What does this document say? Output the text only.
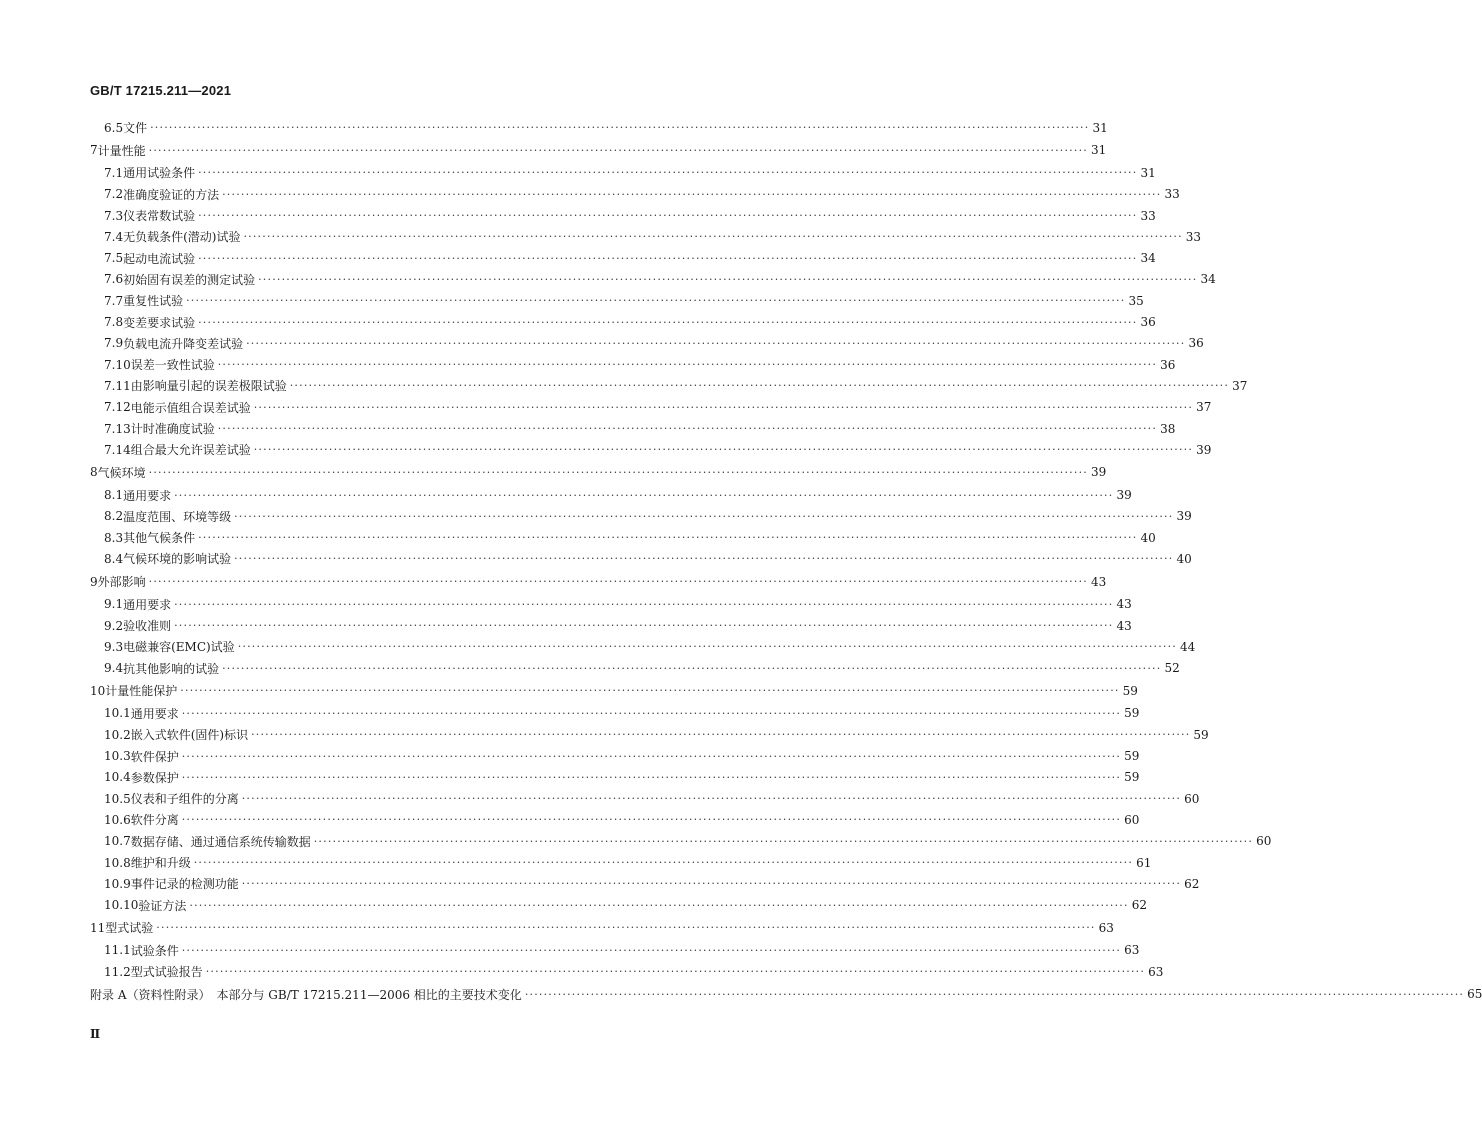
GB/T 17215.211—2021
6.5 文件 ········································································································································································································ 31
7 计量性能 ········································································································································································································ 31
7.1 通用试验条件 ········································································································································································································ 31
7.2 准确度验证的方法 ········································································································································································································ 33
7.3 仪表常数试验 ········································································································································································································ 33
7.4 无负载条件(潜动)试验 ········································································································································································································ 33
7.5 起动电流试验 ········································································································································································································ 34
7.6 初始固有误差的测定试验 ········································································································································································································ 34
7.7 重复性试验 ········································································································································································································ 35
7.8 变差要求试验 ········································································································································································································ 36
7.9 负载电流升降变差试验 ········································································································································································································ 36
7.10 误差一致性试验 ········································································································································································································ 36
7.11 由影响量引起的误差极限试验 ········································································································································································································ 37
7.12 电能示值组合误差试验 ········································································································································································································ 37
7.13 计时准确度试验 ········································································································································································································ 38
7.14 组合最大允许误差试验 ········································································································································································································ 39
8 气候环境 ········································································································································································································ 39
8.1 通用要求 ········································································································································································································ 39
8.2 温度范围、环境等级 ········································································································································································································ 39
8.3 其他气候条件 ········································································································································································································ 40
8.4 气候环境的影响试验 ········································································································································································································ 40
9 外部影响 ········································································································································································································ 43
9.1 通用要求 ········································································································································································································ 43
9.2 验收准则 ········································································································································································································ 43
9.3 电磁兼容(EMC)试验 ········································································································································································································ 44
9.4 抗其他影响的试验 ········································································································································································································ 52
10 计量性能保护 ········································································································································································································ 59
10.1 通用要求 ········································································································································································································ 59
10.2 嵌入式软件(固件)标识 ········································································································································································································ 59
10.3 软件保护 ········································································································································································································ 59
10.4 参数保护 ········································································································································································································ 59
10.5 仪表和子组件的分离 ········································································································································································································ 60
10.6 软件分离 ········································································································································································································ 60
10.7 数据存储、通过通信系统传输数据 ········································································································································································································ 60
10.8 维护和升级 ········································································································································································································ 61
10.9 事件记录的检测功能 ········································································································································································································ 62
10.10 验证方法 ········································································································································································································ 62
11 型式试验 ········································································································································································································ 63
11.1 试验条件 ········································································································································································································ 63
11.2 型式试验报告 ········································································································································································································ 63
附录 A（资料性附录）　本部分与 GB/T 17215.211—2006 相比的主要技术变化 ········································································································································································································ 65
Ⅱ
